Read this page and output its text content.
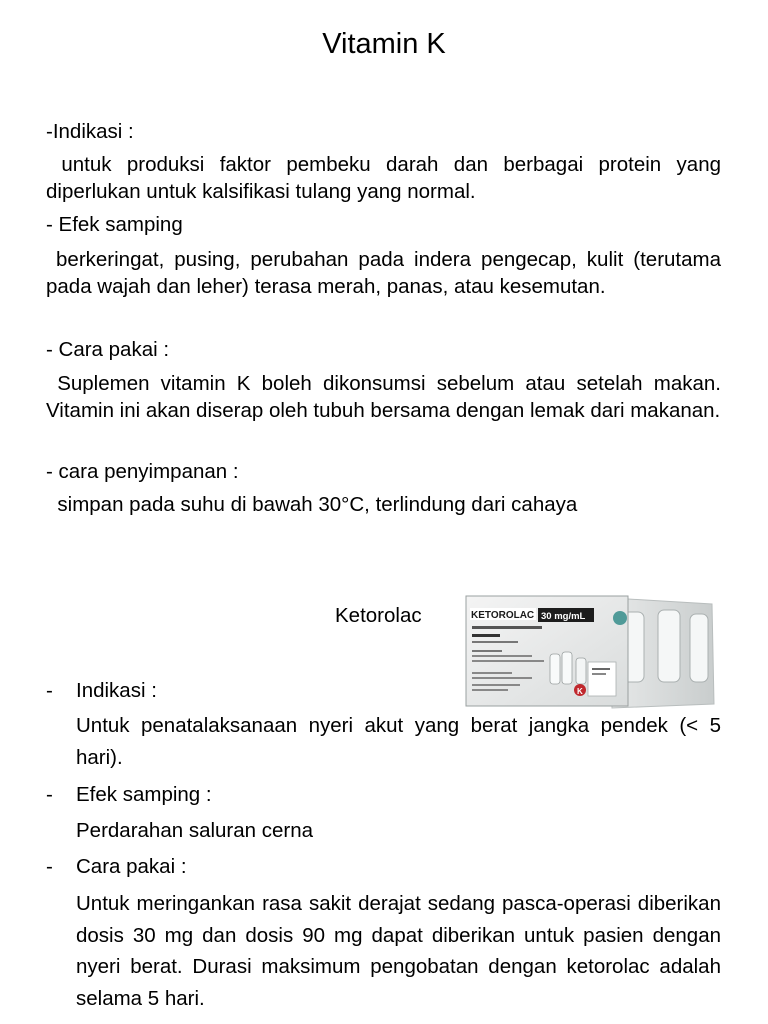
Vitamin K
-Indikasi :
untuk produksi faktor pembeku darah dan berbagai protein yang diperlukan untuk kalsifikasi tulang yang normal.
- Efek samping
berkeringat, pusing, perubahan pada indera pengecap, kulit (terutama pada wajah dan leher) terasa merah, panas, atau kesemutan.
- Cara pakai :
Suplemen vitamin K boleh dikonsumsi sebelum atau setelah makan. Vitamin ini akan diserap oleh tubuh bersama dengan lemak dari makanan.
- cara penyimpanan :
simpan pada suhu di bawah 30°C, terlindung dari cahaya
Ketorolac	KETOROLAC 30 mg/mL
K
- Indikasi :
Untuk penatalaksanaan nyeri akut yang berat jangka pendek (< 5 hari).
- Efek samping :
Perdarahan saluran cerna
- Cara pakai :
Untuk meringankan rasa sakit derajat sedang pasca-operasi diberikan dosis 30 mg dan dosis 90 mg dapat diberikan untuk pasien dengan nyeri berat. Durasi maksimum pengobatan dengan ketorolac adalah selama 5 hari.
